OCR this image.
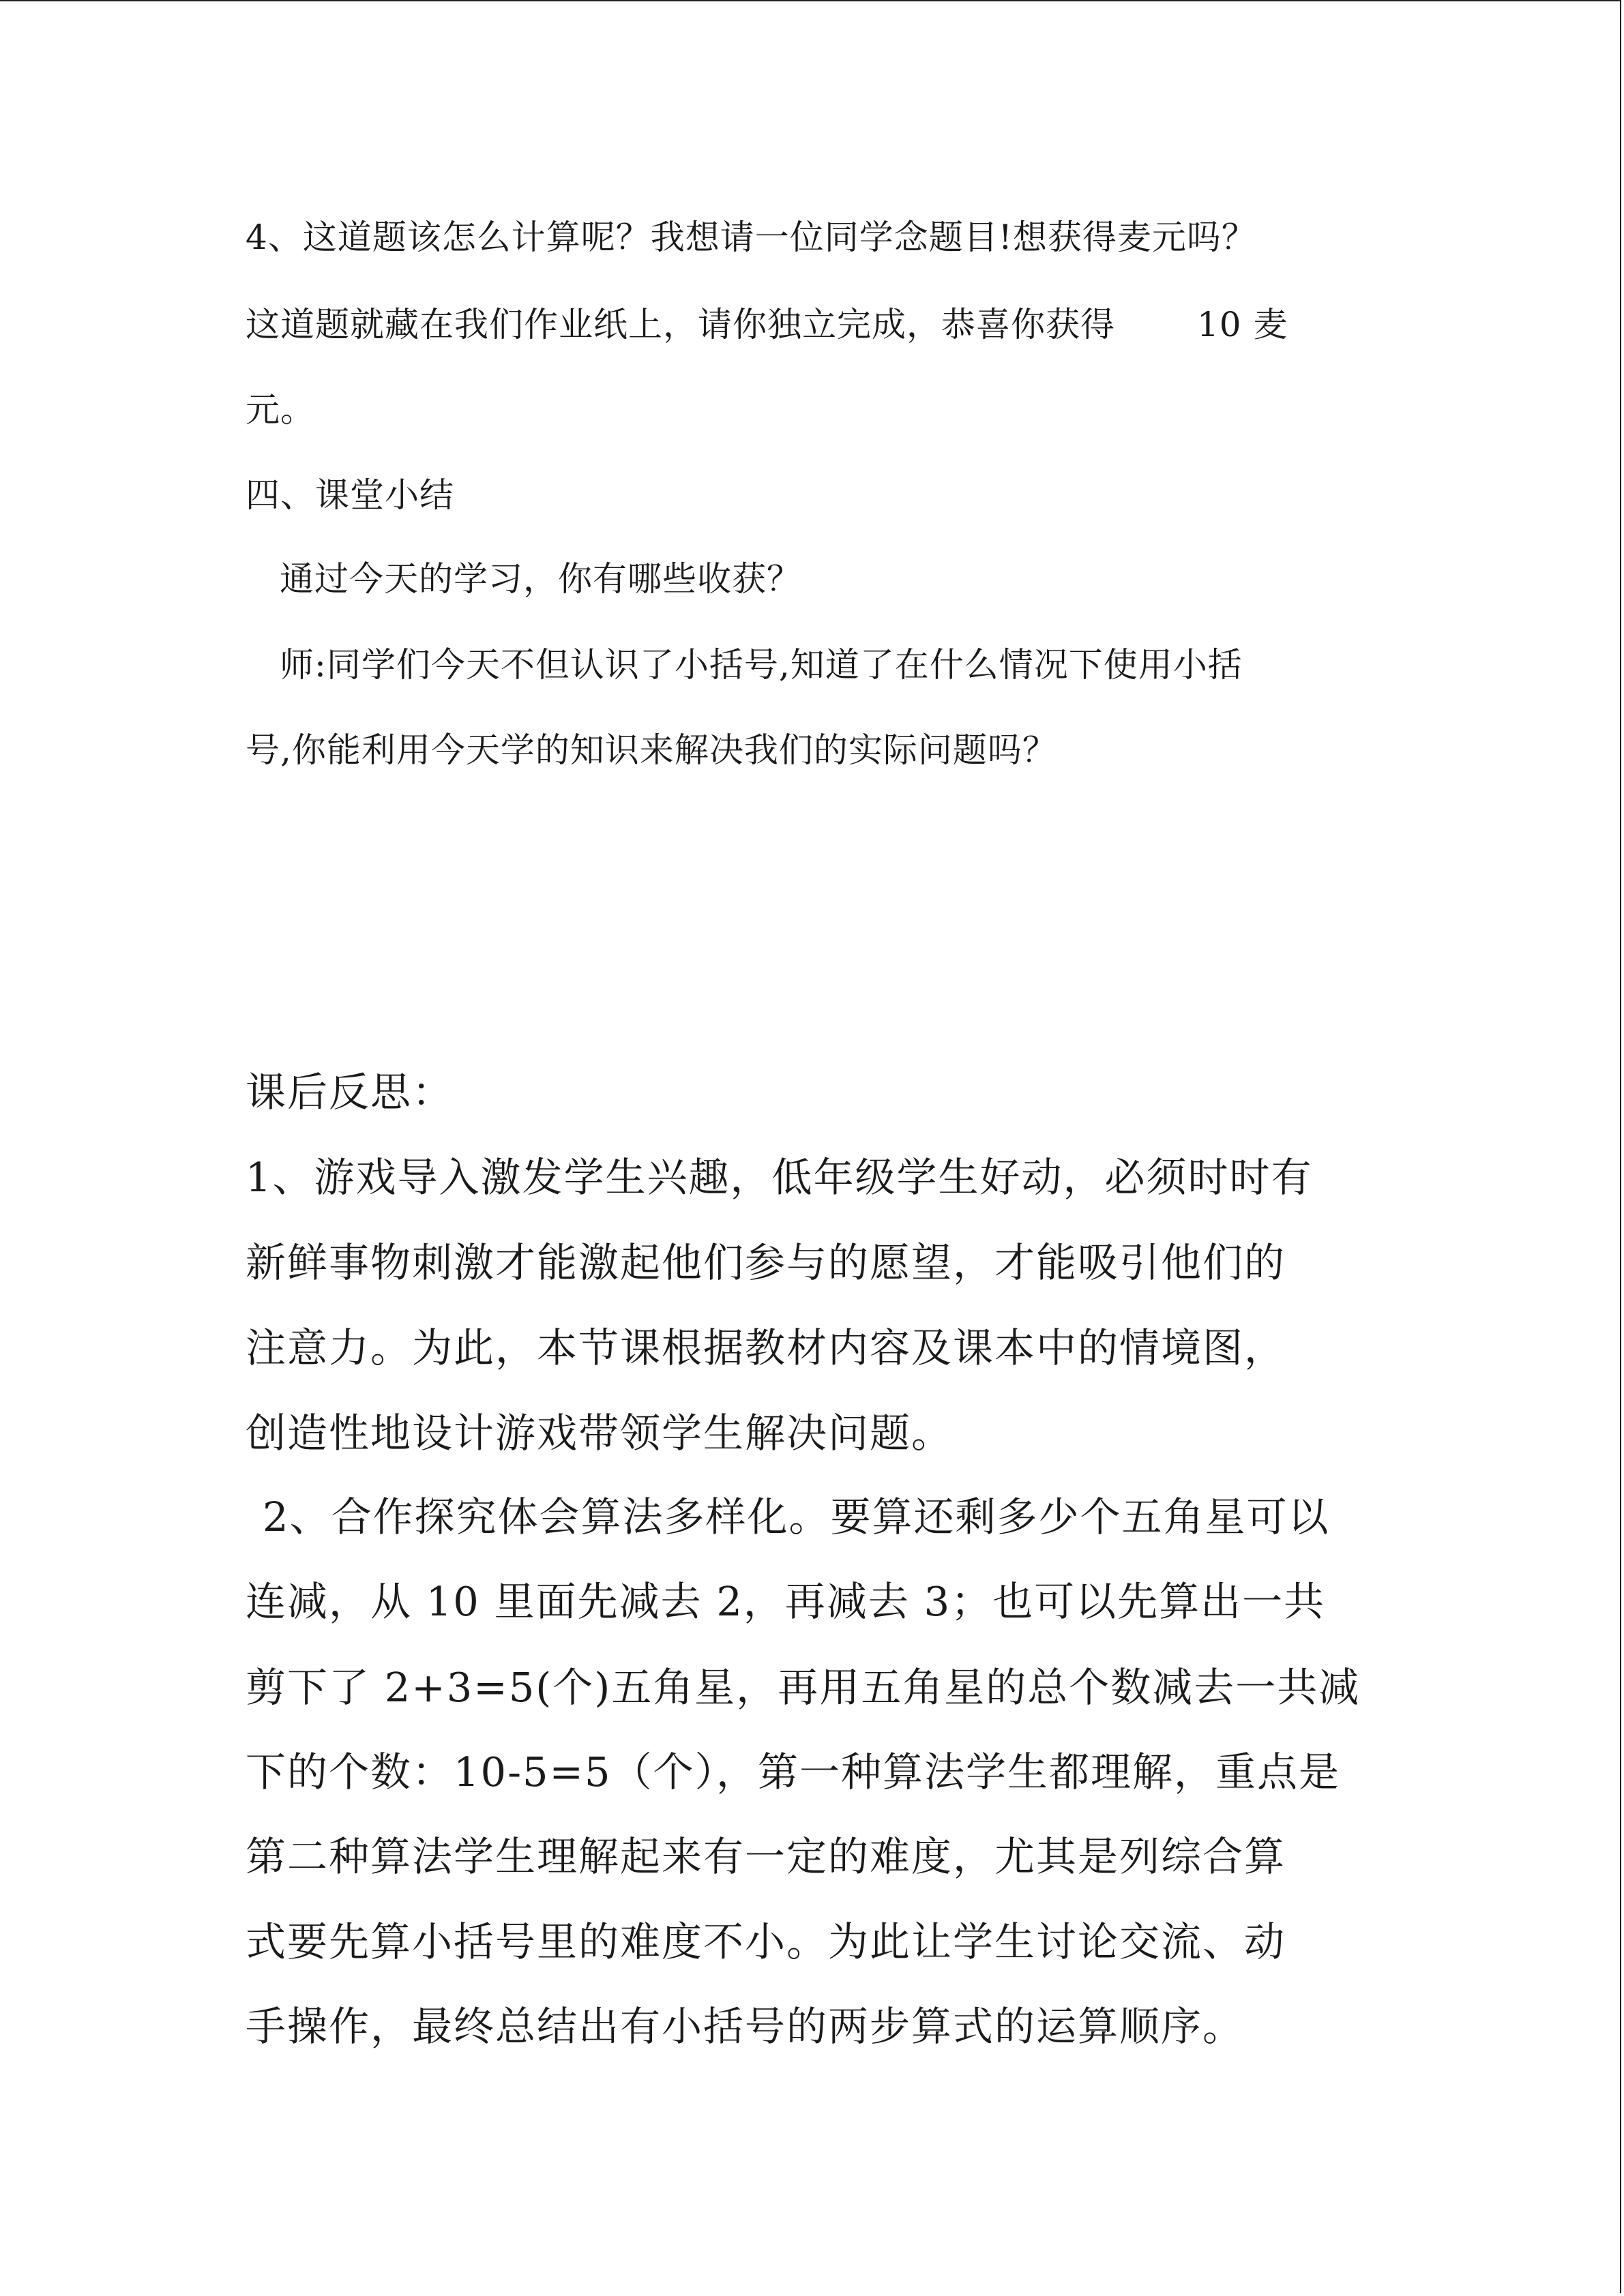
4、这道题该怎么计算呢？我想请一位同学念题目!想获得麦元吗？

这道题就藏在我们作业纸上，请你独立完成，恭喜你获得 10 麦

元。

四、课堂小结

通过今天的学习，你有哪些收获？

师:同学们今天不但认识了小括号,知道了在什么情况下使用小括

号,你能利用今天学的知识来解决我们的实际问题吗？

课后反思：

1、游戏导入激发学生兴趣，低年级学生好动，必须时时有

新鲜事物刺激才能激起他们参与的愿望，才能吸引他们的

注意力。为此，本节课根据教材内容及课本中的情境图，

创造性地设计游戏带领学生解决问题。

2、合作探究体会算法多样化。要算还剩多少个五角星可以

连减，从 10 里面先减去 2，再减去 3；也可以先算出一共

剪下了 2+3=5(个)五角星，再用五角星的总个数减去一共减

下的个数：10-5=5（个），第一种算法学生都理解，重点是

第二种算法学生理解起来有一定的难度，尤其是列综合算

式要先算小括号里的难度不小。为此让学生讨论交流、动

手操作，最终总结出有小括号的两步算式的运算顺序。
